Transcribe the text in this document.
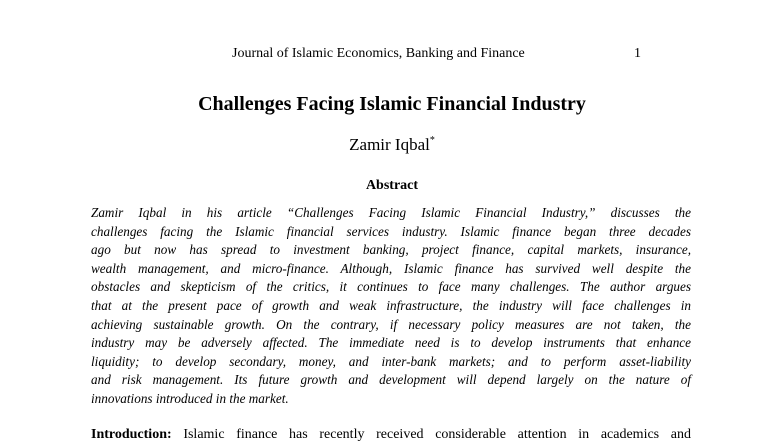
Journal of Islamic Economics, Banking and Finance	1
Challenges Facing Islamic Financial Industry
Zamir Iqbal*
Abstract
Zamir Iqbal in his article “Challenges Facing Islamic Financial Industry,” discusses the
challenges facing the Islamic financial services industry. Islamic finance began three decades
ago but now has spread to investment banking, project finance, capital markets, insurance,
wealth management, and micro-finance. Although, Islamic finance has survived well despite the
obstacles and skepticism of the critics, it continues to face many challenges. The author argues
that at the present pace of growth and weak infrastructure, the industry will face challenges in
achieving sustainable growth. On the contrary, if necessary policy measures are not taken, the
industry may be adversely affected. The immediate need is to develop instruments that enhance
liquidity; to develop secondary, money, and inter-bank markets; and to perform asset-liability
and risk management. Its future growth and development will depend largely on the nature of
innovations introduced in the market.
Introduction: Islamic finance has recently received considerable attention in academics and
